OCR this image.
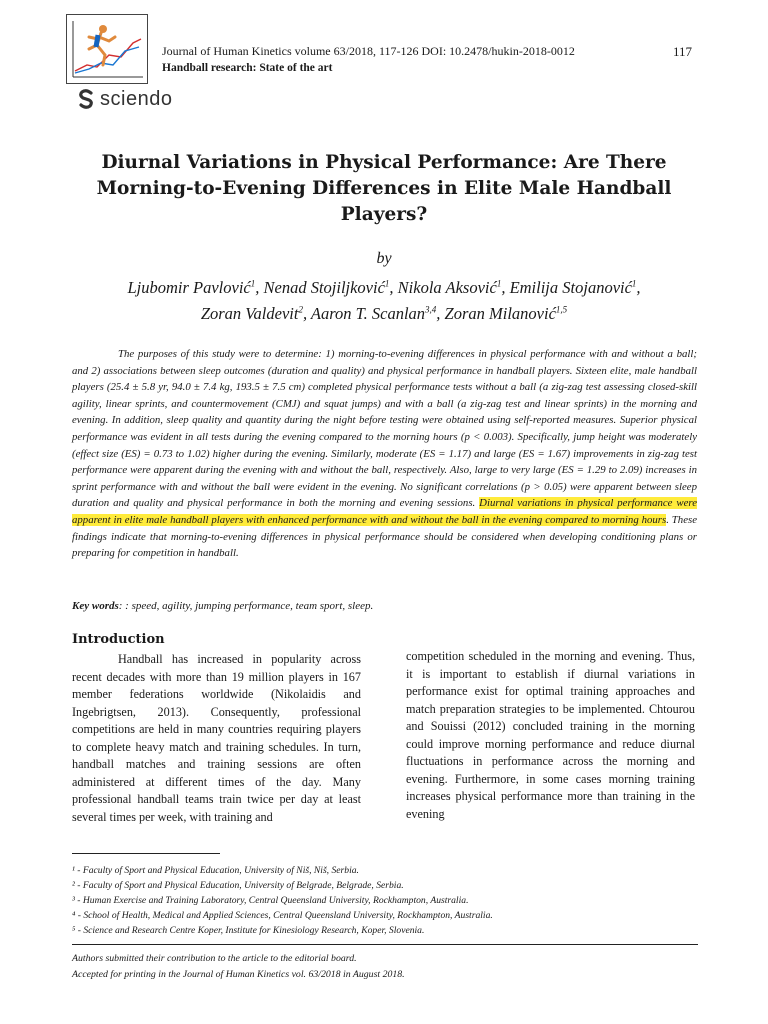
Journal of Human Kinetics volume 63/2018, 117-126 DOI: 10.2478/hukin-2018-0012	117
Handball research: State of the art
sciendo
Diurnal Variations in Physical Performance: Are There Morning-to-Evening Differences in Elite Male Handball Players?
by
Ljubomir Pavlović$^1$, Nenad Stojiljković$^1$, Nikola Aksović$^1$, Emilija Stojanović$^1$,
Zoran Valdevit$^2$, Aaron T. Scanlan$^{3,4}$, Zoran Milanović$^{1,5}$
The purposes of this study were to determine: 1) morning-to-evening differences in physical performance with and without a ball; and 2) associations between sleep outcomes (duration and quality) and physical performance in handball players. Sixteen elite, male handball players (25.4 ± 5.8 yr, 94.0 ± 7.4 kg, 193.5 ± 7.5 cm) completed physical performance tests without a ball (a zig-zag test assessing closed-skill agility, linear sprints, and countermovement (CMJ) and squat jumps) and with a ball (a zig-zag test and linear sprints) in the morning and evening. In addition, sleep quality and quantity during the night before testing were obtained using self-reported measures. Superior physical performance was evident in all tests during the evening compared to the morning hours (p < 0.003). Specifically, jump height was moderately (effect size (ES) = 0.73 to 1.02) higher during the evening. Similarly, moderate (ES = 1.17) and large (ES = 1.67) improvements in zig-zag test performance were apparent during the evening with and without the ball, respectively. Also, large to very large (ES = 1.29 to 2.09) increases in sprint performance with and without the ball were evident in the evening. No significant correlations (p > 0.05) were apparent between sleep duration and quality and physical performance in both the morning and evening sessions. Diurnal variations in physical performance were apparent in elite male handball players with enhanced performance with and without the ball in the evening compared to morning hours. These findings indicate that morning-to-evening differences in physical performance should be considered when developing conditioning plans or preparing for competition in handball.
Key words: : speed, agility, jumping performance, team sport, sleep.
Introduction

Handball has increased in popularity across recent decades with more than 19 million players in 167 member federations worldwide (Nikolaidis and Ingebrigtsen, 2013). Consequently, professional competitions are held in many countries requiring players to complete heavy match and training schedules. In turn, handball matches and training sessions are often administered at different times of the day. Many professional handball teams train twice per day at least several times per week, with training and

competition scheduled in the morning and evening. Thus, it is important to establish if diurnal variations in performance exist for optimal training approaches and match preparation strategies to be implemented. Chtourou and Souissi (2012) concluded training in the morning could improve morning performance and reduce diurnal fluctuations in performance across the morning and evening. Furthermore, in some cases morning training increases physical performance more than training in the evening

¹ - Faculty of Sport and Physical Education, University of Niš, Niš, Serbia.
² - Faculty of Sport and Physical Education, University of Belgrade, Belgrade, Serbia.
³ - Human Exercise and Training Laboratory, Central Queensland University, Rockhampton, Australia.
⁴ - School of Health, Medical and Applied Sciences, Central Queensland University, Rockhampton, Australia.
⁵ - Science and Research Centre Koper, Institute for Kinesiology Research, Koper, Slovenia.
Authors submitted their contribution to the article to the editorial board.
Accepted for printing in the Journal of Human Kinetics vol. 63/2018 in August 2018.
